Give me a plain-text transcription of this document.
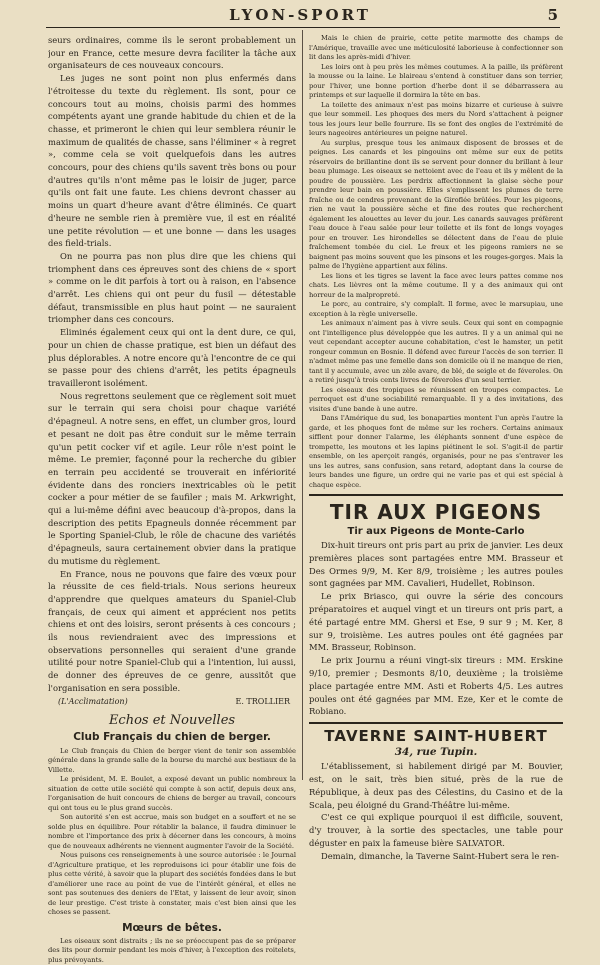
LYON-SPORT	5

seurs ordinaires, comme ils le seront probablement un jour en France, cette mesure devra faciliter la tâche aux organisateurs de ces nouveaux concours.

Les juges ne sont point non plus enfermés dans l'étroitesse du texte du règlement. Ils sont, pour ce concours tout au moins, choisis parmi des hommes compétents ayant une grande habitude du chien et de la chasse, et primeront le chien qui leur semblera réunir le maximum de qualités de chasse, sans l'éliminer « à regret », comme cela se voit quelquefois dans les autres concours, pour des chiens qu'ils savent très bons ou pour d'autres qu'ils n'ont même pas le loisir de juger, parce qu'ils ont fait une faute. Les chiens devront chasser au moins un quart d'heure avant d'être éliminés. Ce quart d'heure ne semble rien à première vue, il est en réalité une petite révolution — et une bonne — dans les usages des field-trials.

On ne pourra pas non plus dire que les chiens qui triomphent dans ces épreuves sont des chiens de « sport » comme on le dit parfois à tort ou à raison, en l'absence d'arrêt. Les chiens qui ont peur du fusil — détestable défaut, transmissible en plus haut point — ne sauraient triompher dans ces concours.

Eliminés également ceux qui ont la dent dure, ce qui, pour un chien de chasse pratique, est bien un défaut des plus déplorables. A notre encore qu'à l'encontre de ce qui se passe pour des chiens d'arrêt, les petits épagneuls travailleront isolément.

Nous regrettons seulement que ce règlement soit muet sur le terrain qui sera choisi pour chaque variété d'épagneul. A notre sens, en effet, un clumber gros, lourd et pesant ne doit pas être conduit sur le même terrain qu'un petit cocker vif et agile. Leur rôle n'est point le même. Le premier, façonné pour la recherche du gibier en terrain peu accidenté se trouverait en infériorité évidente dans des ronciers inextricables où le petit cocker a pour métier de se faufiler ; mais M. Arkwright, qui a lui-même défini avec beaucoup d'à-propos, dans la description des petits Epagneuls donnée récemment par le Sporting Spaniel-Club, le rôle de chacune des variétés d'épagneuls, saura certainement obvier dans la pratique du mutisme du règlement.

En France, nous ne pouvons que faire des vœux pour la réussite de ces field-trials. Nous serions heureux d'apprendre que quelques amateurs du Spaniel-Club français, de ceux qui aiment et apprécient nos petits chiens et ont des loisirs, seront présents à ces concours ; ils nous reviendraient avec des impressions et observations personnelles qui seraient d'une grande utilité pour notre Spaniel-Club qui a l'intention, lui aussi, de donner des épreuves de ce genre, aussitôt que l'organisation en sera possible.

(L'Acclimatation)	E. TROLLIER
Echos et Nouvelles
Club Français du chien de berger.

Le Club français du Chien de berger vient de tenir son assemblée générale dans la grande salle de la bourse du marché aux bestiaux de la Villette.

Le président, M. E. Boulet, a exposé devant un public nombreux la situation de cette utile société qui compte à son actif, depuis deux ans, l'organisation de huit concours de chiens de berger au travail, concours qui ont tous eu le plus grand succès.

Son autorité s'en est accrue, mais son budget en a souffert et ne se solde plus en équilibre. Pour rétablir la balance, il faudra diminuer le nombre et l'importance des prix à décerner dans les concours, à moins que de nouveaux adhérents ne viennent augmenter l'avoir de la Société.

Nous puisons ces renseignements à une source autorisée : le Journal d'Agriculture pratique, et les reproduisons ici pour établir une fois de plus cette vérité, à savoir que la plupart des sociétés fondées dans le but d'améliorer une race au point de vue de l'intérêt général, et elles ne sont pas soutenues des deniers de l'Etat, y laissent de leur avoir, sinon de leur prestige. C'est triste à constater, mais c'est bien ainsi que les choses se passent.

Mœurs de bêtes.

Les oiseaux sont distraits ; ils ne se préoccupent pas de se préparer des lits pour dormir pendant les mois d'hiver, à l'exception des roitelets, plus prévoyants.

Mais le chien de prairie, cette petite marmotte des champs de l'Amérique, travaille avec une méticulosité laborieuse à confectionner son lit dans les après-midi d'hiver.

Les loirs ont à peu près les mêmes coutumes. A la paille, ils préfèrent la mousse ou la laine. Le blaireau s'entend à constituer dans son terrier, pour l'hiver, une bonne portion d'herbe dont il se débarrassera au printemps et sur laquelle il dormira la tête en bas.

La toilette des animaux n'est pas moins bizarre et curieuse à suivre que leur sommeil. Les phoques des mers du Nord s'attachent à peigner tous les jours leur belle fourrure. Ils se font des ongles de l'extrémité de leurs nageoires antérieures un peigne naturel.

Au surplus, presque tous les animaux disposent de brosses et de peignes. Les canards et les pingouins ont même sur eux de petits réservoirs de brillantine dont ils se servent pour donner du brillant à leur beau plumage. Les oiseaux se nettoient avec de l'eau et ils y mêlent de la poudre de poussière. Les perdrix affectionnent la glaise sèche pour prendre leur bain en poussière. Elles s'emplissent les plumes de terre fraîche ou de cendres provenant de la Giroflée brûlées. Pour les pigeons, rien ne vaut la poussière sèche et fine des routes que recherchent également les alouettes au lever du jour. Les canards sauvages préfèrent l'eau douce à l'eau salée pour leur toilette et ils font de longs voyages pour en trouver. Les hirondelles se délectent dans de l'eau de pluie fraîchement tombée du ciel. Le freux et les pigeons ramiers ne se baignent pas moins souvent que les pinsons et les rouges-gorges. Mais la palme de l'hygiène appartient aux félins.

Les lions et les tigres se lavent la face avec leurs pattes comme nos chats. Les lièvres ont la même coutume. Il y a des animaux qui ont horreur de la malpropreté.

Le porc, au contraire, s'y complaît. Il forme, avec le marsupiau, une exception à la règle universelle.

Les animaux n'aiment pas à vivre seuls. Ceux qui sont en compagnie ont l'intelligence plus développée que les autres. Il y a un animal qui ne veut cependant accepter aucune cohabitation, c'est le hamster, un petit rongeur commun en Bosnie. Il défend avec fureur l'accès de son terrier. Il n'admet même pas une femelle dans son domicile où il ne manque de rien, tant il y accumule, avec un zèle avare, de blé, de seigle et de féveroles. On a retiré jusqu'à trois cents livres de féveroles d'un seul terrier.

Les oiseaux des tropiques se réunissent en troupes compactes. Le perroquet est d'une sociabilité remarquable. Il y a des invitations, des visites d'une bande à une autre.

Dans l'Amérique du sud, les bonaparties montent l'un après l'autre la garde, et les phoques font de même sur les rochers. Certains animaux sifflent pour donner l'alarme, les éléphants sonnent d'une espèce de trompette, les moutons et les lapins piétinent le sol. S'agit-il de partir ensemble, on les aperçoit rangés, organisés, pour ne pas s'entraver les uns les autres, sans confusion, sans retard, adoptant dans la course de leurs bandes une figure, un ordre qui ne varie pas et qui est spécial à chaque espèce.

TIR AUX PIGEONS
Tir aux Pigeons de Monte-Carlo

Dix-huit tireurs ont pris part au prix de janvier. Les deux premières places sont partagées entre MM. Brasseur et Des Ormes 9/9, M. Ker 8/9, troisième ; les autres poules sont gagnées par MM. Cavalieri, Hudellet, Robinson.

Le prix Briasco, qui ouvre la série des concours préparatoires et auquel vingt et un tireurs ont pris part, a été partagé entre MM. Ghersi et Ese, 9 sur 9 ; M. Ker, 8 sur 9, troisième. Les autres poules ont été gagnées par MM. Brasseur, Robinson.

Le prix Journu a réuni vingt-six tireurs : MM. Erskine 9/10, premier ; Desmonts 8/10, deuxième ; la troisième place partagée entre MM. Asti et Roberts 4/5. Les autres poules ont été gagnées par MM. Eze, Ker et le comte de Robiano.

TAVERNE SAINT-HUBERT
34, rue Tupin.

L'établissement, si habilement dirigé par M. Bouvier, est, on le sait, très bien situé, près de la rue de République, à deux pas des Célestins, du Casino et de la Scala, peu éloigné du Grand-Théâtre lui-même.

C'est ce qui explique pourquoi il est difficile, souvent, d'y trouver, à la sortie des spectacles, une table pour déguster en paix la fameuse bière SALVATOR.

Demain, dimanche, la Taverne Saint-Hubert sera le ren-
